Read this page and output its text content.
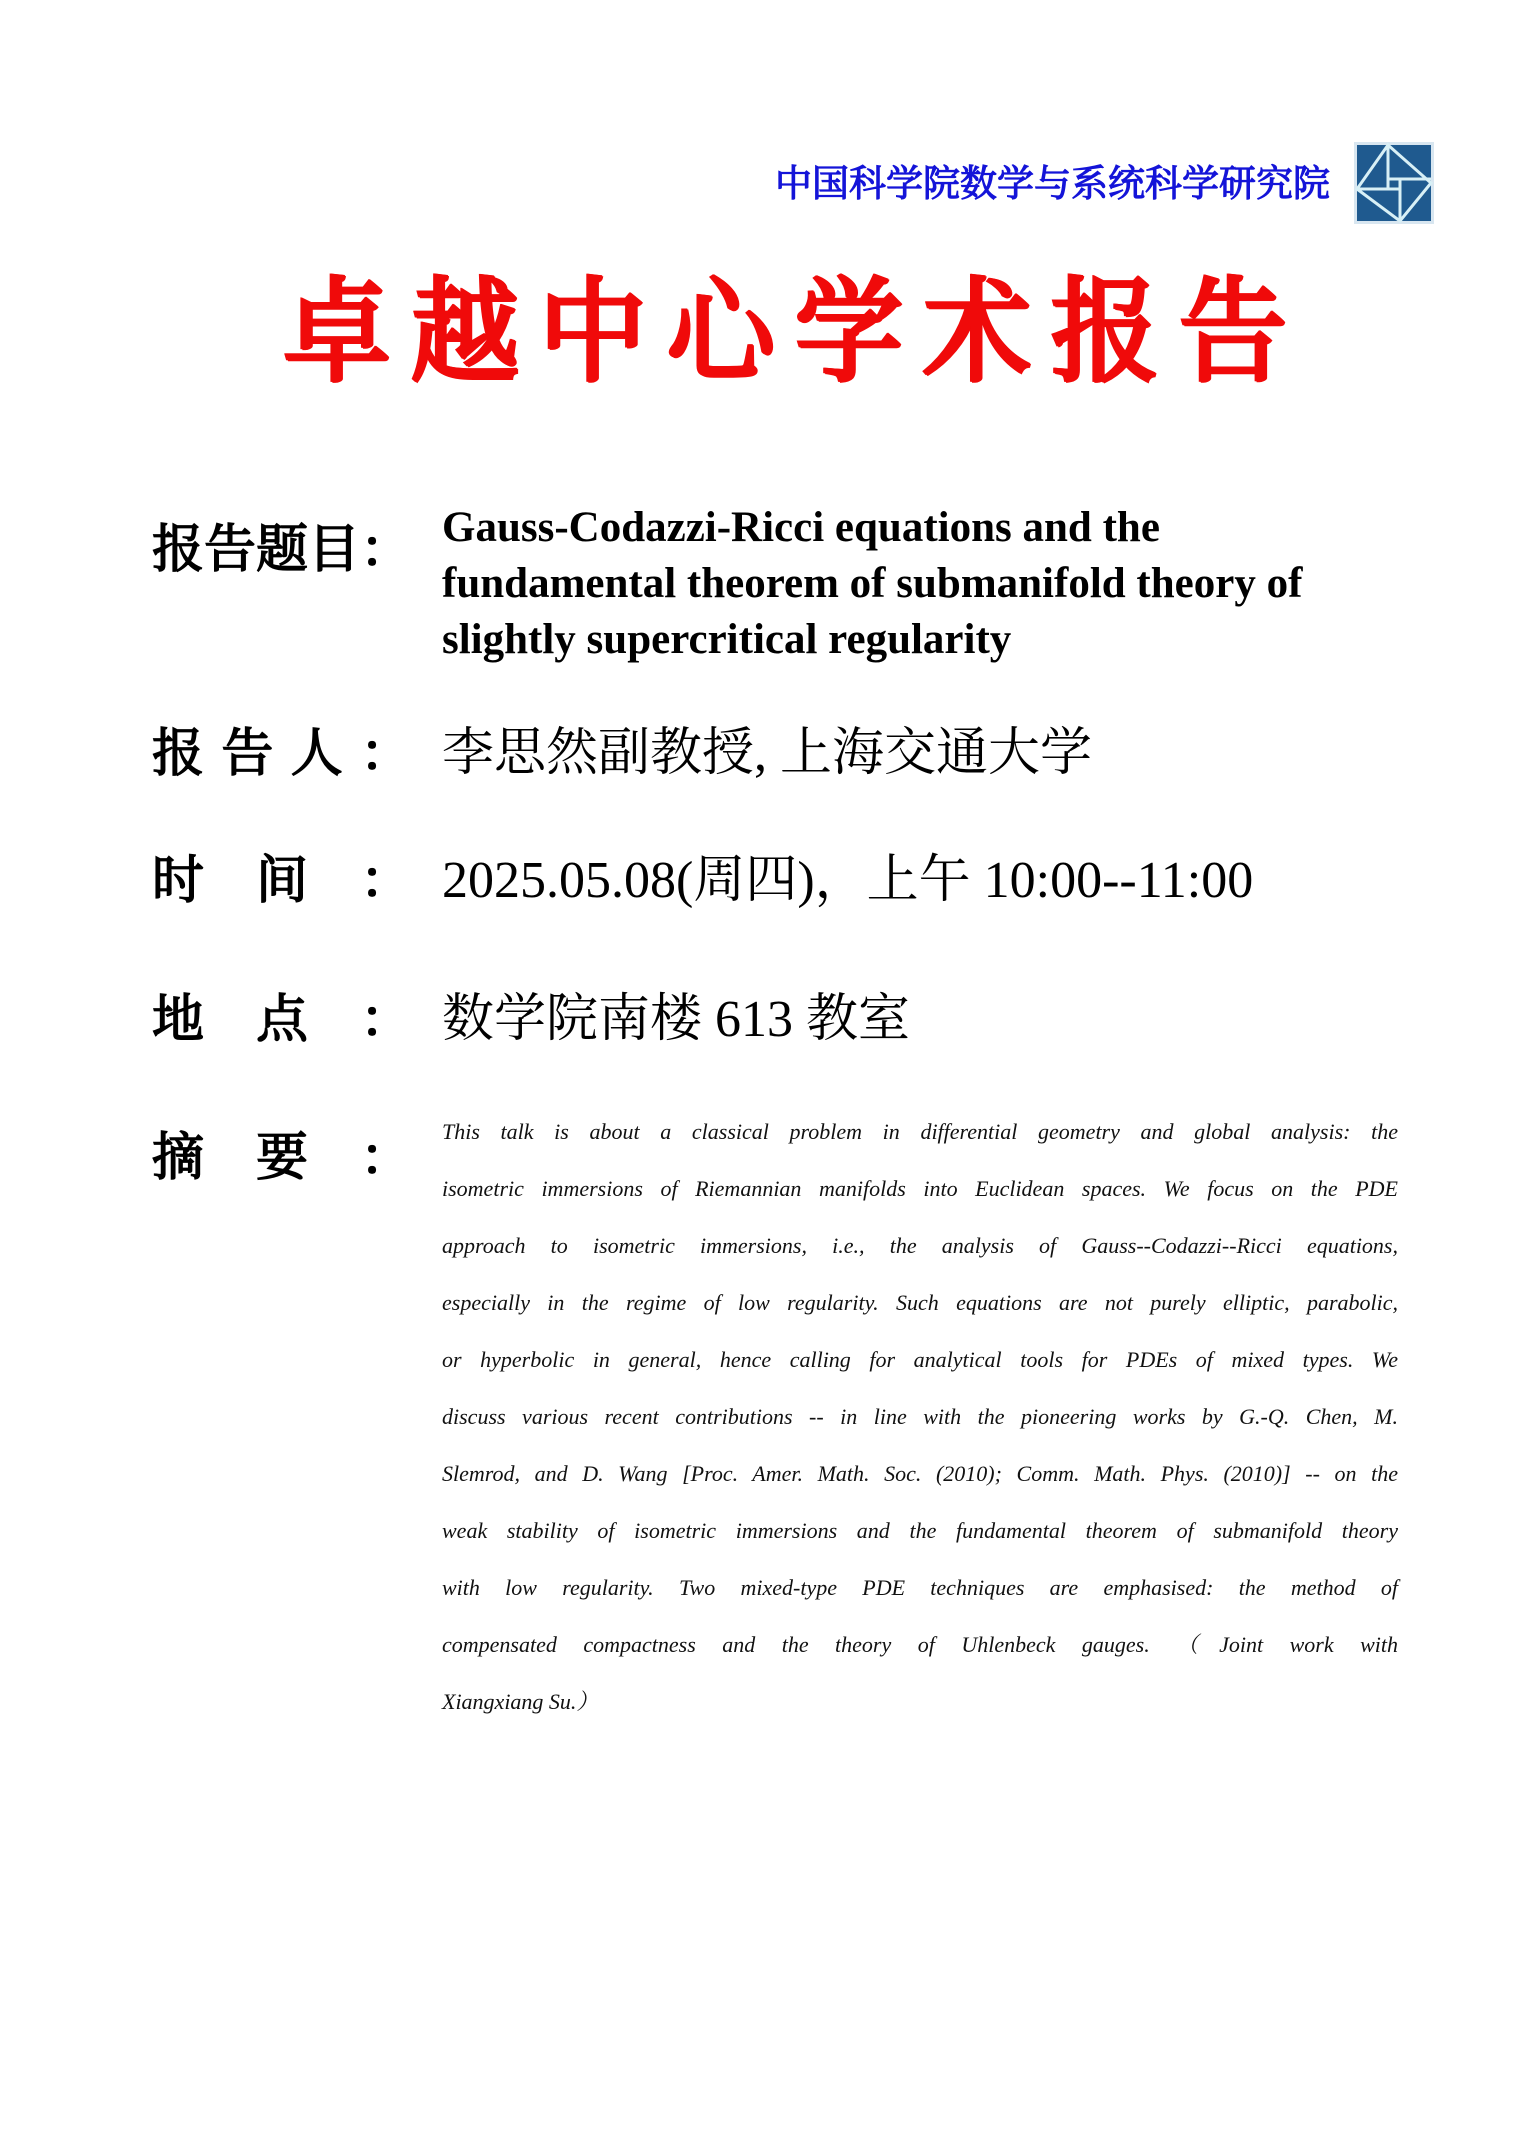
中国科学院数学与系统科学研究院
卓越中心学术报告
报告题目： Gauss-Codazzi-Ricci equations and the
fundamental theorem of submanifold theory of
slightly supercritical regularity
报告人： 李思然副教授, 上海交通大学
时间： 2025.05.08(周四)，上午 10:00--11:00
地点： 数学院南楼 613 教室
摘要：	This talk is about a classical problem in differential geometry and global analysis: the
isometric immersions of Riemannian manifolds into Euclidean spaces. We focus on the PDE
approach to isometric immersions, i.e., the analysis of Gauss--Codazzi--Ricci equations,
especially in the regime of low regularity. Such equations are not purely elliptic, parabolic,
or hyperbolic in general, hence calling for analytical tools for PDEs of mixed types. We
discuss various recent contributions -- in line with the pioneering works by G.-Q. Chen, M.
Slemrod, and D. Wang [Proc. Amer. Math. Soc. (2010); Comm. Math. Phys. (2010)] -- on the
weak stability of isometric immersions and the fundamental theorem of submanifold theory
with low regularity. Two mixed-type PDE techniques are emphasised: the method of
compensated compactness and the theory of Uhlenbeck gauges. （Joint work with
Xiangxiang Su.）
